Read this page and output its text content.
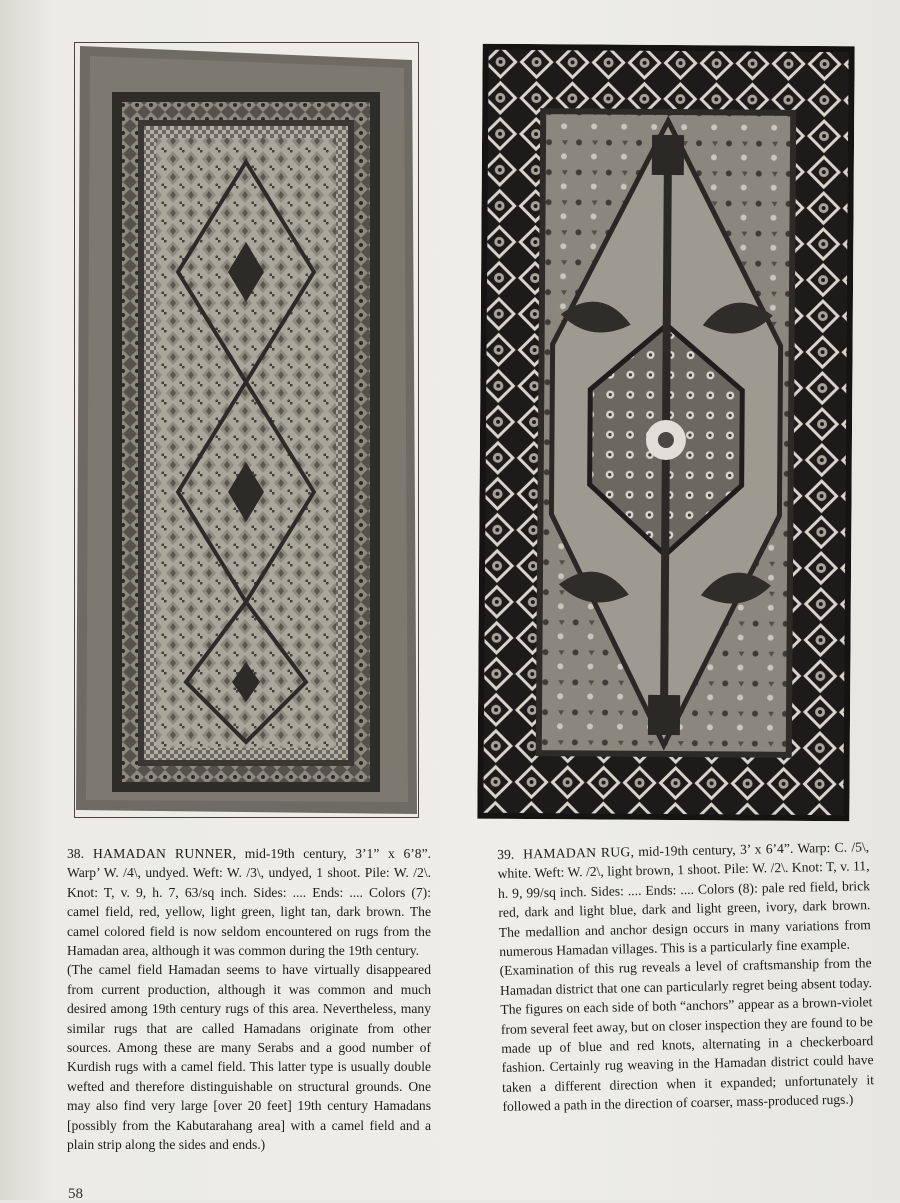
38. HAMADAN RUNNER, mid-19th century, 3’1” x 6’8”. Warp’ W. /4\, undyed. Weft: W. /3\, undyed, 1 shoot. Pile: W. /2\. Knot: T, v. 9, h. 7, 63/sq inch. Sides: .... Ends: .... Colors (7): camel field, red, yellow, light green, light tan, dark brown. The camel colored field is now seldom encountered on rugs from the Hamadan area, although it was common during the 19th century.

(The camel field Hamadan seems to have virtually disappeared from current production, although it was common and much desired among 19th century rugs of this area. Nevertheless, many similar rugs that are called Hamadans originate from other sources. Among these are many Serabs and a good number of Kurdish rugs with a camel field. This latter type is usually double wefted and therefore distinguishable on structural grounds. One may also find very large [over 20 feet] 19th century Hamadans [possibly from the Kabutarahang area] with a camel field and a plain strip along the sides and ends.)

39. HAMADAN RUG, mid-19th century, 3’ x 6’4”. Warp: C. /5\, white. Weft: W. /2\, light brown, 1 shoot. Pile: W. /2\. Knot: T, v. 11, h. 9, 99/sq inch. Sides: .... Ends: .... Colors (8): pale red field, brick red, dark and light blue, dark and light green, ivory, dark brown. The medallion and anchor design occurs in many variations from numerous Hamadan villages. This is a particularly fine example.

(Examination of this rug reveals a level of craftsmanship from the Hamadan district that one can particularly regret being absent today. The figures on each side of both “anchors” appear as a brown-violet from several feet away, but on closer inspection they are found to be made up of blue and red knots, alternating in a checkerboard fashion. Certainly rug weaving in the Hamadan district could have taken a different direction when it expanded; unfortunately it followed a path in the direction of coarser, mass-produced rugs.)

58
